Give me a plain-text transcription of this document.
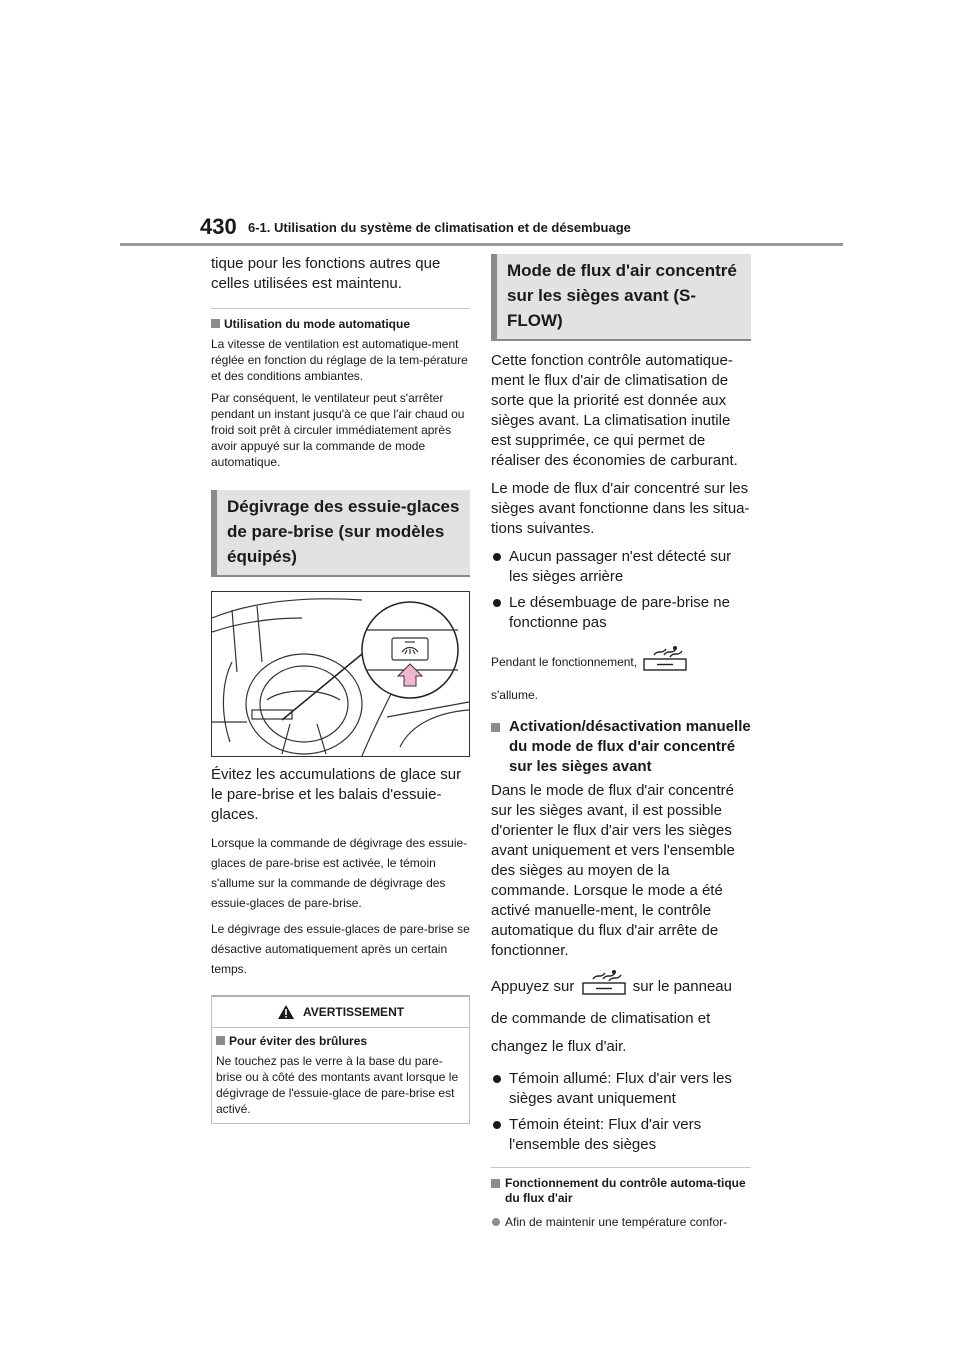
430 6-1. Utilisation du système de climatisation et de désembuage

tique pour les fonctions autres que celles utilisées est maintenu.

Utilisation du mode automatique

La vitesse de ventilation est automatique-ment réglée en fonction du réglage de la tem-pérature et des conditions ambiantes.

Par conséquent, le ventilateur peut s'arrêter pendant un instant jusqu'à ce que l'air chaud ou froid soit prêt à circuler immédiatement après avoir appuyé sur la commande de mode automatique.

Dégivrage des essuie-glaces de pare-brise (sur modèles équipés)

Évitez les accumulations de glace sur le pare-brise et les balais d'essuie-glaces.

Lorsque la commande de dégivrage des essuie-glaces de pare-brise est activée, le témoin s'allume sur la commande de dégivrage des essuie-glaces de pare-brise.

Le dégivrage des essuie-glaces de pare-brise se désactive automatiquement après un certain temps.

AVERTISSEMENT
Pour éviter des brûlures

Ne touchez pas le verre à la base du pare-brise ou à côté des montants avant lorsque le dégivrage de l'essuie-glace de pare-brise est activé.

Mode de flux d'air concentré sur les sièges avant (S-FLOW)

Cette fonction contrôle automatique-ment le flux d'air de climatisation de sorte que la priorité est donnée aux sièges avant. La climatisation inutile est supprimée, ce qui permet de réaliser des économies de carburant.

Le mode de flux d'air concentré sur les sièges avant fonctionne dans les situa-tions suivantes.

Aucun passager n'est détecté sur les sièges arrière
Le désembuage de pare-brise ne fonctionne pas

Pendant le fonctionnement,

s'allume.

Activation/désactivation manuelle du mode de flux d'air concentré sur les sièges avant

Dans le mode de flux d'air concentré sur les sièges avant, il est possible d'orienter le flux d'air vers les sièges avant uniquement et vers l'ensemble des sièges au moyen de la commande. Lorsque le mode a été activé manuelle-ment, le contrôle automatique du flux d'air arrête de fonctionner.

Appuyez sur	sur le panneau de commande de climatisation et changez le flux d'air.

Témoin allumé: Flux d'air vers les sièges avant uniquement
Témoin éteint: Flux d'air vers l'ensemble des sièges
Fonctionnement du contrôle automa-tique du flux d'air

Afin de maintenir une température confor-
